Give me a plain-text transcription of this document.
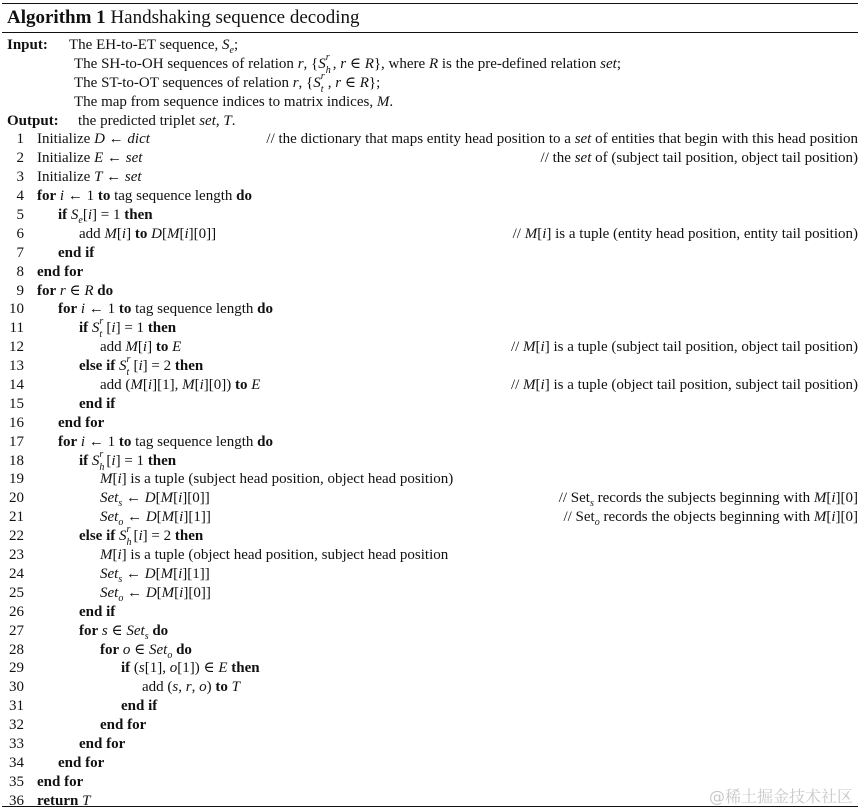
Algorithm 1 Handshaking sequence decoding
Input: The EH-to-ET sequence, $S_e$;
The SH-to-OH sequences of relation r, {S r
h , r ∈ R}, where R is the pre-defined relation set;
The ST-to-OT sequences of relation r, {S r
t , r ∈ R};
The map from sequence indices to matrix indices, M.
Output: the predicted triplet set, T.
1 Initialize D ← dict	// the dictionary that maps entity head position to a set of entities that begin with this head position
2 Initialize E ← set	// the set of (subject tail position, object tail position)
3 Initialize T ← set
4 for i ← 1 to tag sequence length do
5 if $S_e[i] = 1$ then
6	add M[i] to D[M[i][0]]	// M[i] is a tuple (entity head position, entity tail position)
7 end if
8 end for
9 for r ∈ R do
10 for i ← 1 to tag sequence length do
11	if S r
t [i] = 1 then
12	add M[i] to E	// M[i] is a tuple (subject tail position, object tail position)
13	else if S r
t [i] = 2 then
14	add (M[i][1], M[i][0]) to E	// M[i] is a tuple (object tail position, subject tail position)
15	end if
16 end for
17 for i ← 1 to tag sequence length do
18	if S r
h [i] = 1 then
19	M[i] is a tuple (subject head position, object head position)
20	Set$_s$ ← D[M[i][0]]	// Set$_s$ records the subjects beginning with M[i][0]
21	Set$_o$ ← D[M[i][1]]	// Set$_o$ records the objects beginning with M[i][0]
22	else if S r
h [i] = 2 then
23	M[i] is a tuple (object head position, subject head position
24	Set$_s$ ← D[M[i][1]]
25	Set$_o$ ← D[M[i][0]]
26	end if
27	for s ∈ Set$_s$ do
28	for o ∈ Set$_o$ do
29	if (s[1], o[1]) ∈ E then
30	add (s, r, o) to T
31	end if
32	end for
33	end for
34 end for
35 end for
36 return T	@稀土掘金技术社区
